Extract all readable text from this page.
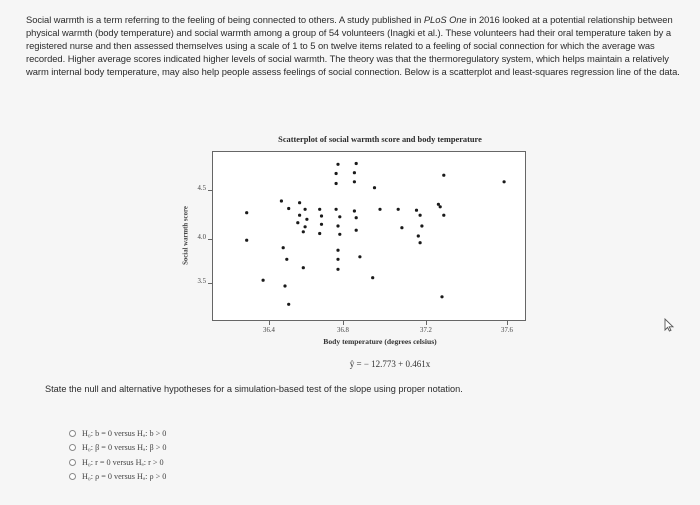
Social warmth is a term referring to the feeling of being connected to others. A study published in PLoS One in 2016 looked at a potential relationship between physical warmth (body temperature) and social warmth among a group of 54 volunteers (Inagki et al.). These volunteers had their oral temperature taken by a registered nurse and then assessed themselves using a scale of 1 to 5 on twelve items related to a feeling of social connection for which the average was recorded. Higher average scores indicated higher levels of social warmth. The theory was that the thermoregulatory system, which helps maintain a relatively warm internal body temperature, may also help people assess feelings of social connection. Below is a scatterplot and least-squares regression line of the data.
Scatterplot of social warmth score and body temperature
Social warmth score
4.5
4.0
3.5
36.4	36.8	37.2	37.6
Body temperature (degrees celsius)
ŷ = − 12.773 + 0.461x
State the null and alternative hypotheses for a simulation-based test of the slope using proper notation.
H₀: b = 0 versus Hₐ: b > 0
H₀: β = 0 versus Hₐ: β > 0
H₀: r = 0 versus Hₐ: r > 0
H₀: ρ = 0 versus Hₐ: ρ > 0
